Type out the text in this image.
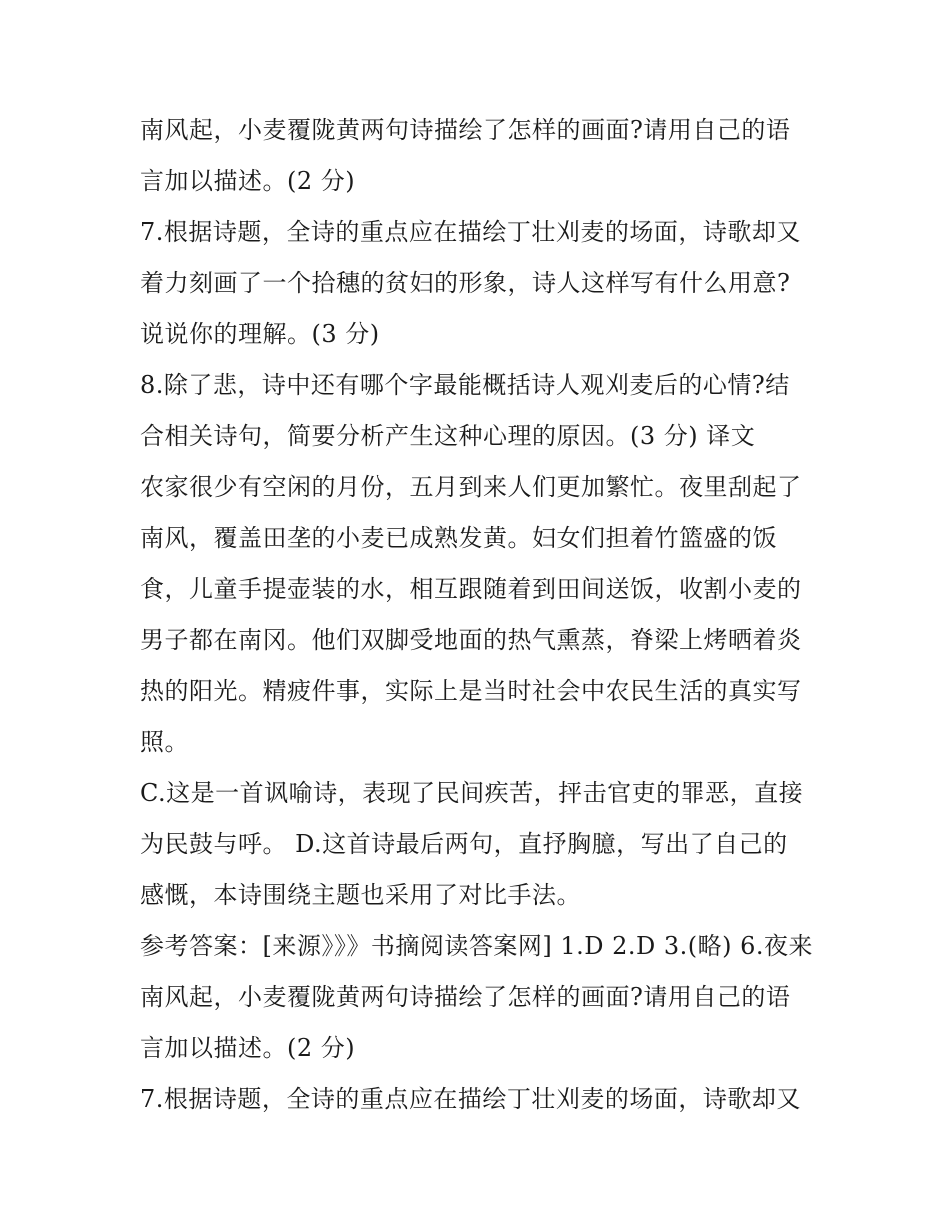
南风起，小麦覆陇黄两句诗描绘了怎样的画面?请用自己的语
言加以描述。(2 分)
7.根据诗题，全诗的重点应在描绘丁壮刈麦的场面，诗歌却又
着力刻画了一个拾穗的贫妇的形象，诗人这样写有什么用意?
说说你的理解。(3 分)
8.除了悲，诗中还有哪个字最能概括诗人观刈麦后的心情?结
合相关诗句，简要分析产生这种心理的原因。(3 分) 译文
农家很少有空闲的月份，五月到来人们更加繁忙。夜里刮起了
南风，覆盖田垄的小麦已成熟发黄。妇女们担着竹篮盛的饭
食，儿童手提壶装的水，相互跟随着到田间送饭，收割小麦的
男子都在南冈。他们双脚受地面的热气熏蒸，脊梁上烤晒着炎
热的阳光。精疲件事，实际上是当时社会中农民生活的真实写
照。
C.这是一首讽喻诗，表现了民间疾苦，抨击官吏的罪恶，直接
为民鼓与呼。 D.这首诗最后两句，直抒胸臆，写出了自己的
感慨，本诗围绕主题也采用了对比手法。
参考答案：[来源》》》书摘阅读答案网] 1.D 2.D 3.(略) 6.夜来
南风起，小麦覆陇黄两句诗描绘了怎样的画面?请用自己的语
言加以描述。(2 分)
7.根据诗题，全诗的重点应在描绘丁壮刈麦的场面，诗歌却又
